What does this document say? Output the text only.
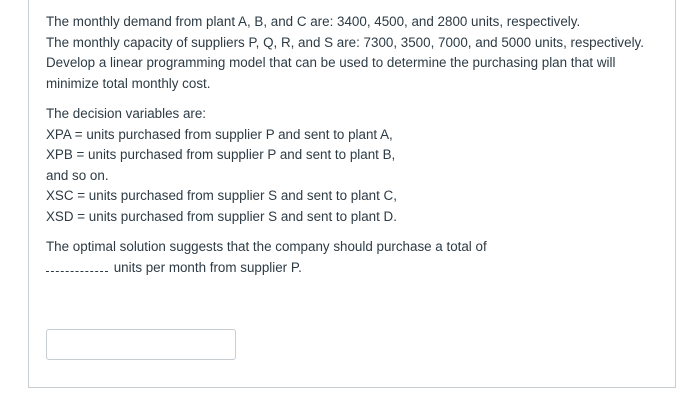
The monthly demand from plant A, B, and C are: 3400, 4500, and 2800 units, respectively.
The monthly capacity of suppliers P, Q, R, and S are: 7300, 3500, 7000, and 5000 units, respectively.
Develop a linear programming model that can be used to determine the purchasing plan that will
minimize total monthly cost.

The decision variables are:
XPA = units purchased from supplier P and sent to plant A,
XPB = units purchased from supplier P and sent to plant B,
and so on.
XSC = units purchased from supplier S and sent to plant C,
XSD = units purchased from supplier S and sent to plant D.

The optimal solution suggests that the company should purchase a total of
units per month from supplier P.
